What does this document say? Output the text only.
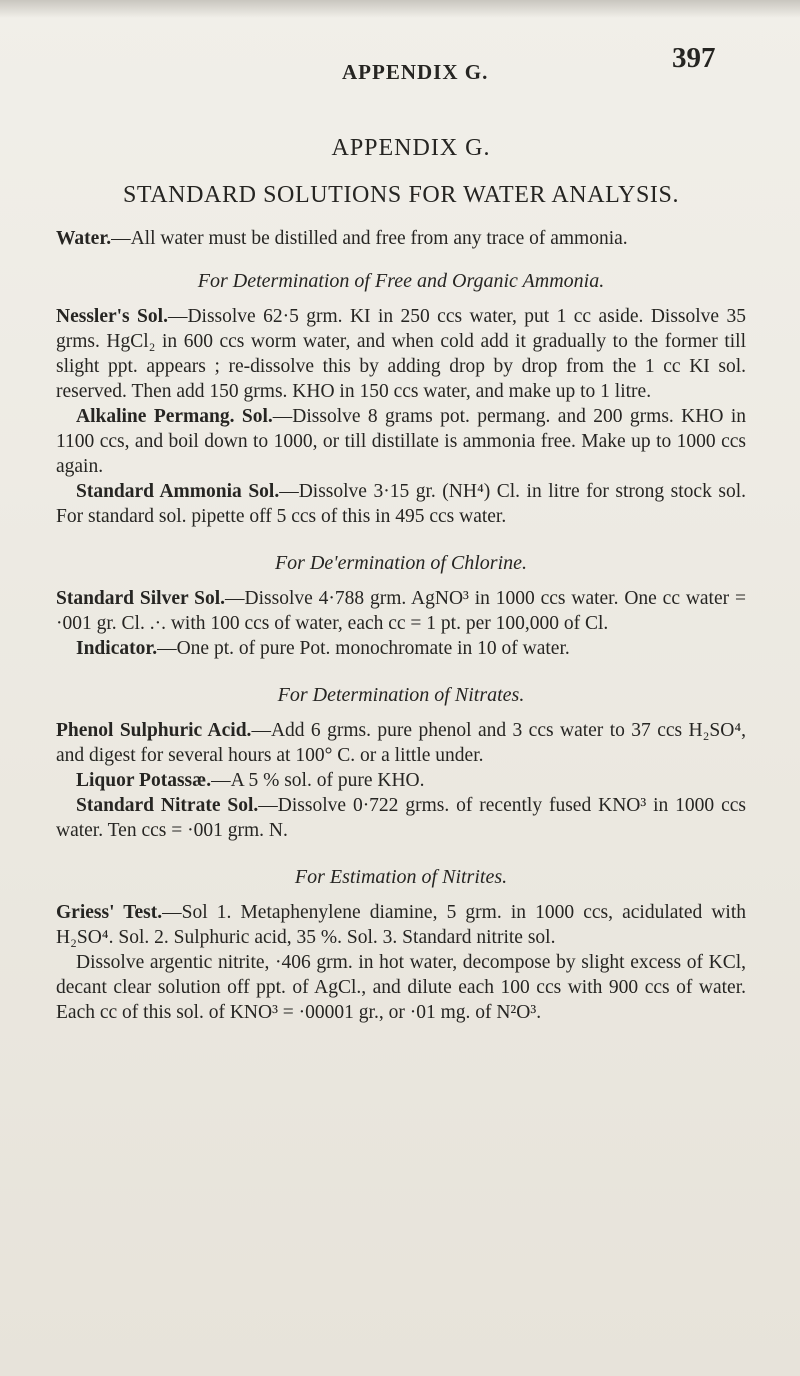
APPENDIX G.	397
APPENDIX G.
STANDARD SOLUTIONS FOR WATER ANALYSIS.

Water.—All water must be distilled and free from any trace of ammonia.

For Determination of Free and Organic Ammonia.

Nessler's Sol.—Dissolve 62·5 grm. KI in 250 ccs water, put 1 cc aside. Dissolve 35 grms. HgCl₂ in 600 ccs worm water, and when cold add it gradually to the former till slight ppt. appears ; re-dissolve this by adding drop by drop from the 1 cc KI sol. reserved. Then add 150 grms. KHO in 150 ccs water, and make up to 1 litre.

Alkaline Permang. Sol.—Dissolve 8 grams pot. permang. and 200 grms. KHO in 1100 ccs, and boil down to 1000, or till distillate is ammonia free. Make up to 1000 ccs again.

Standard Ammonia Sol.—Dissolve 3·15 gr. (NH⁴) Cl. in litre for strong stock sol. For standard sol. pipette off 5 ccs of this in 495 ccs water.

For De'ermination of Chlorine.

Standard Silver Sol.—Dissolve 4·788 grm. AgNO³ in 1000 ccs water. One cc water = ·001 gr. Cl. .·. with 100 ccs of water, each cc = 1 pt. per 100,000 of Cl.

Indicator.—One pt. of pure Pot. monochromate in 10 of water.

For Determination of Nitrates.

Phenol Sulphuric Acid.—Add 6 grms. pure phenol and 3 ccs water to 37 ccs H₂SO⁴, and digest for several hours at 100° C. or a little under.

Liquor Potassæ.—A 5 % sol. of pure KHO.

Standard Nitrate Sol.—Dissolve 0·722 grms. of recently fused KNO³ in 1000 ccs water. Ten ccs = ·001 grm. N.

For Estimation of Nitrites.

Griess' Test.—Sol 1. Metaphenylene diamine, 5 grm. in 1000 ccs, acidulated with H₂SO⁴. Sol. 2. Sulphuric acid, 35 %. Sol. 3. Standard nitrite sol.

Dissolve argentic nitrite, ·406 grm. in hot water, decompose by slight excess of KCl, decant clear solution off ppt. of AgCl., and dilute each 100 ccs with 900 ccs of water. Each cc of this sol. of KNO³ = ·00001 gr., or ·01 mg. of N²O³.
